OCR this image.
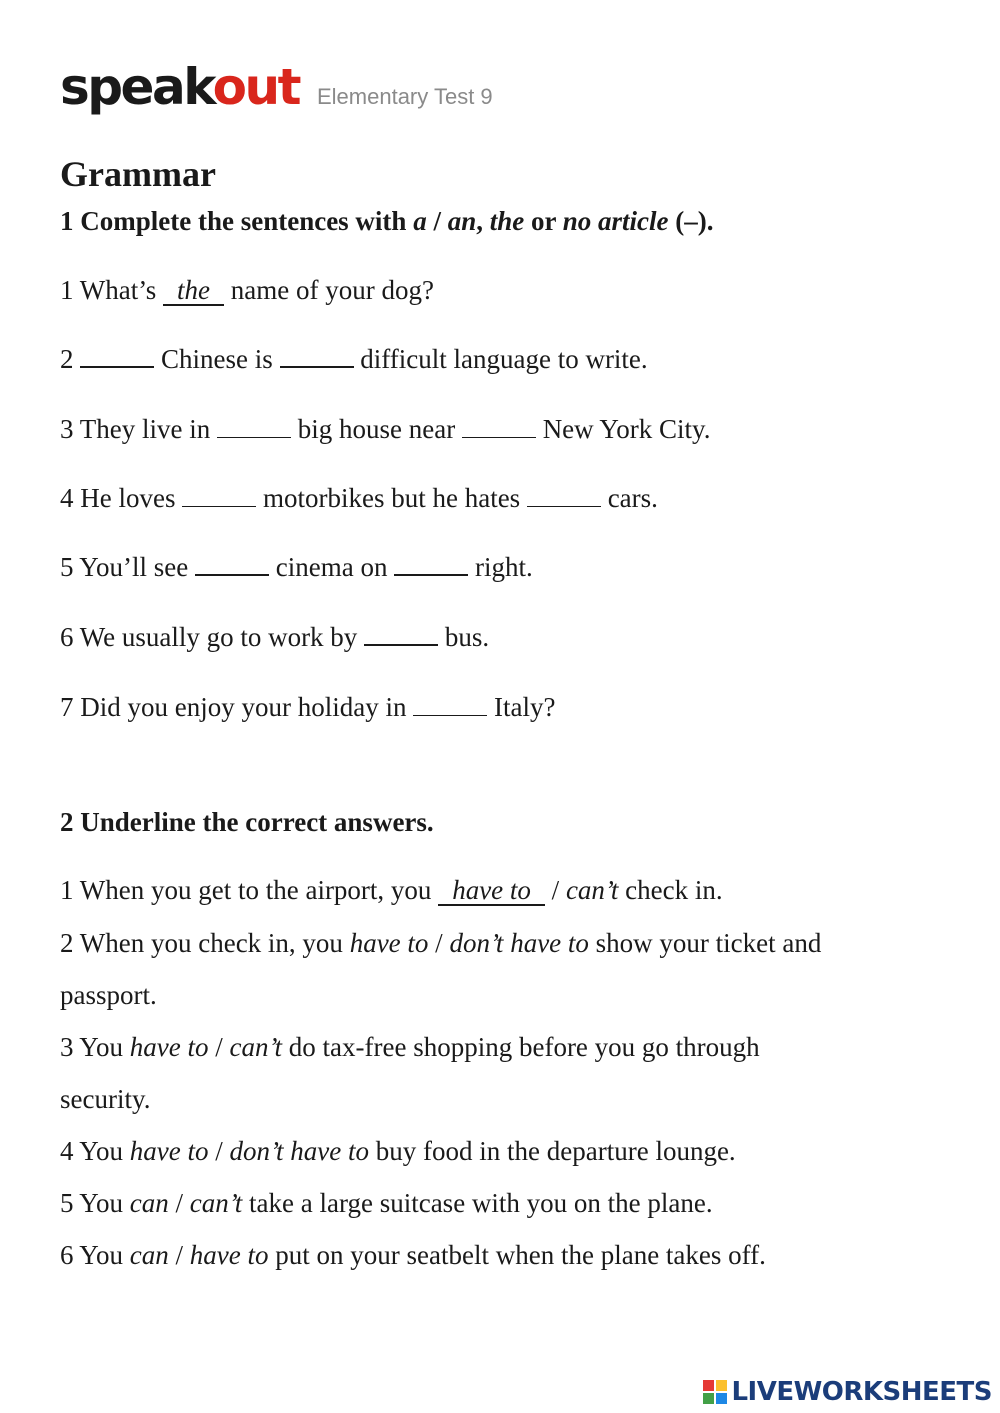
speakout Elementary Test 9
Grammar
1 Complete the sentences with a / an, the or no article (–).
1 What’s the name of your dog?
2	Chinese is	difficult language to write.
3 They live in	big house near	New York City.
4 He loves	motorbikes but he hates	cars.
5 You’ll see	cinema on	right.
6 We usually go to work by	bus.
7 Did you enjoy your holiday in	Italy?
2 Underline the correct answers.
1 When you get to the airport, you have to / can’t check in.
2 When you check in, you have to / don’t have to show your ticket and
passport.
3 You have to / can’t do tax-free shopping before you go through
security.
4 You have to / don’t have to buy food in the departure lounge.
5 You can / can’t take a large suitcase with you on the plane.
6 You can / have to put on your seatbelt when the plane takes off.
LIVEWORKSHEETS
